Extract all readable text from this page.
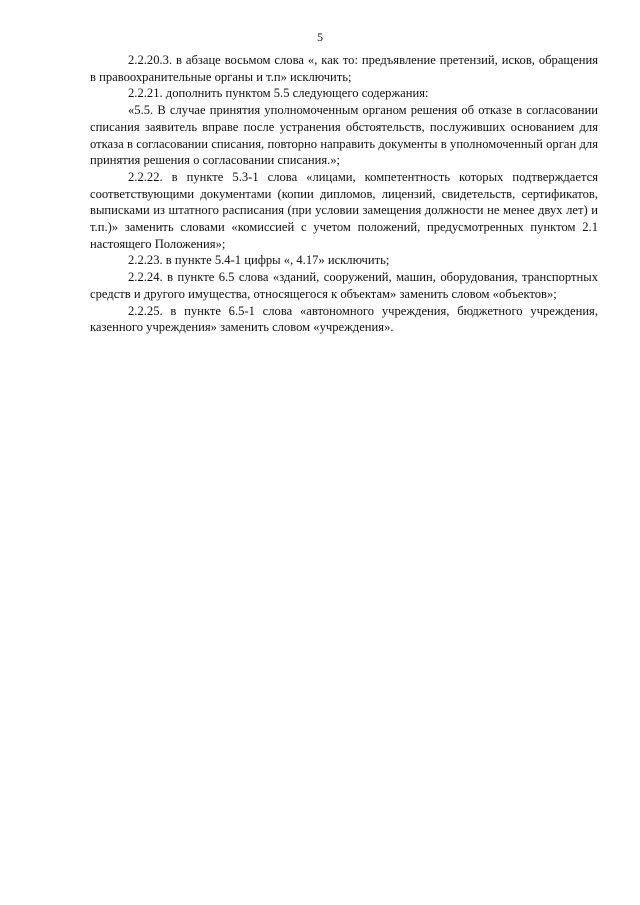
5

2.2.20.3. в абзаце восьмом слова «, как то: предъявление претензий, исков, обращения в правоохранительные органы и т.п» исключить;

2.2.21. дополнить пунктом 5.5 следующего содержания:

«5.5. В случае принятия уполномоченным органом решения об отказе в согласовании списания заявитель вправе после устранения обстоятельств, послуживших основанием для отказа в согласовании списания, повторно направить документы в уполномоченный орган для принятия решения о согласовании списания.»;

2.2.22. в пункте 5.3-1 слова «лицами, компетентность которых подтверждается соответствующими документами (копии дипломов, лицензий, свидетельств, сертификатов, выписками из штатного расписания (при условии замещения должности не менее двух лет) и т.п.)» заменить словами «комиссией с учетом положений, предусмотренных пунктом 2.1 настоящего Положения»;

2.2.23. в пункте 5.4-1 цифры «, 4.17» исключить;

2.2.24. в пункте 6.5 слова «зданий, сооружений, машин, оборудования, транспортных средств и другого имущества, относящегося к объектам» заменить словом «объектов»;

2.2.25. в пункте 6.5-1 слова «автономного учреждения, бюджетного учреждения, казенного учреждения» заменить словом «учреждения».
